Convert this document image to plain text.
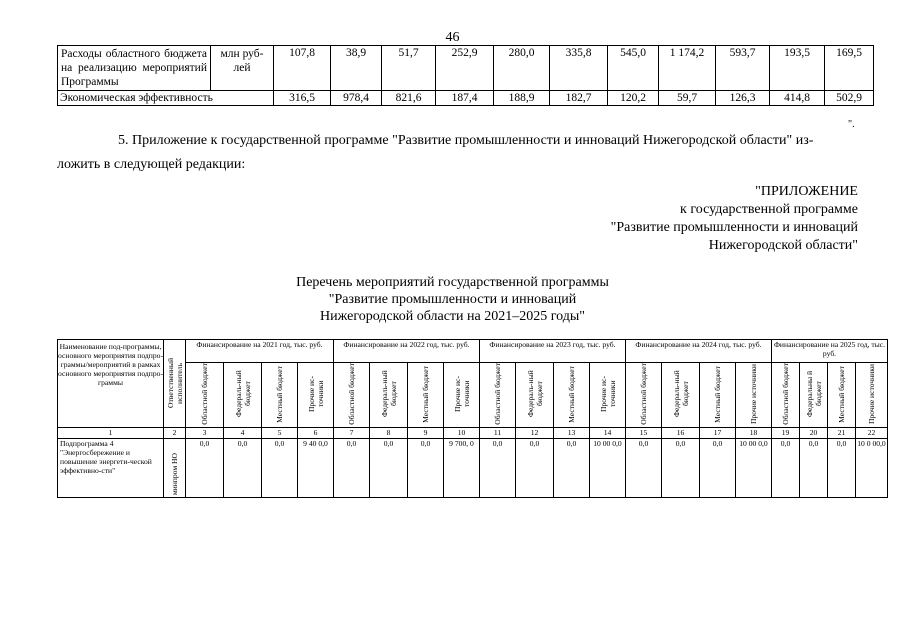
46
Расходы областного бюджета на реализацию мероприятий Программы	млн руб-лей	107,8	38,9	51,7	252,9	280,0	335,8	545,0	1 174,2	593,7	193,5	169,5
Экономическая эффективность		316,5	978,4	821,6	187,4	188,9	182,7	120,2	59,7	126,3	414,8	502,9
".
5. Приложение к государственной программе "Развитие промышленности и инноваций Нижегородской области" из-
ложить в следующей редакции:
"ПРИЛОЖЕНИЕ
к государственной программе
"Развитие промышленности и инноваций
Нижегородской области"
Перечень мероприятий государственной программы
"Развитие промышленности и инноваций
Нижегородской области на 2021–2025 годы"
Наименование под-программы, основного мероприятия подпро-граммы/мероприятий в рамках основного мероприятия подпро-граммы	Ответственный исполнитель	Финансирование на 2021 год, тыс. руб.				Финансирование на 2022 год, тыс. руб.				Финансирование на 2023 год, тыс. руб.				Финансирование на 2024 год, тыс. руб.				Финансирование на 2025 год, тыс. руб.			
		Областной бюджет	Федераль-ный бюджет	Местный бюджет	Прочие ис-точники	Областной бюджет	Федераль-ный бюджет	Местный бюджет	Прочие ис-точники	Областной бюджет	Федераль-ный бюджет	Местный бюджет	Прочие ис-точники	Областной бюджет	Федераль-ный бюджет	Местный бюджет	Прочие источники	Областной бюджет	Федеральны й бюджет	Местный бюджет	Прочие источники
1	2	3	4	5	6	7	8	9	10	11	12	13	14	15	16	17	18	19	20	21	22
Подпрограмма 4 "Энергосбережение и повышение энергети-ческой эффективно-сти"	минпром НО	0,0	0,0	0,0	9 40 0,0	0,0	0,0	0,0	9 700, 0	0,0	0,0	0,0	10 00 0,0	0,0	0,0	0,0	10 00 0,0	0,0	0,0	0,0	10 0 00,0
